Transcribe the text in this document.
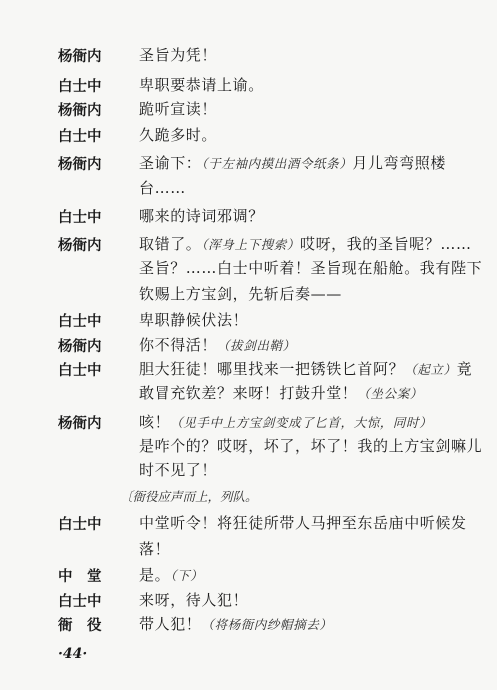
杨衙内	圣旨为凭！
白士中	卑职要恭请上谕。
杨衙内	跪听宣读！
白士中	久跪多时。
杨衙内	圣谕下：（于左袖内摸出酒令纸条）月儿弯弯照楼
台……
白士中	哪来的诗词邪调？
杨衙内	取错了。（浑身上下搜索）哎呀，我的圣旨呢？……
圣旨？……白士中听着！圣旨现在船舱。我有陛下
钦赐上方宝剑，先斩后奏——
白士中	卑职静候伏法！
杨衙内	你不得活！（拔剑出鞘）
白士中	胆大狂徒！哪里找来一把锈铁匕首阿？（起立）竟
敢冒充钦差？来呀！打鼓升堂！（坐公案）
杨衙内	咳！（见手中上方宝剑变成了匕首，大惊，同时）
是咋个的？哎呀，坏了，坏了！我的上方宝剑嘛儿
时不见了！
〔衙役应声而上，列队。
白士中	中堂听令！将狂徒所带人马押至东岳庙中听候发
落！
中　堂	是。（下）
白士中	来呀，待人犯！
衙　役	带人犯！（将杨衙内纱帽摘去）
·44·
